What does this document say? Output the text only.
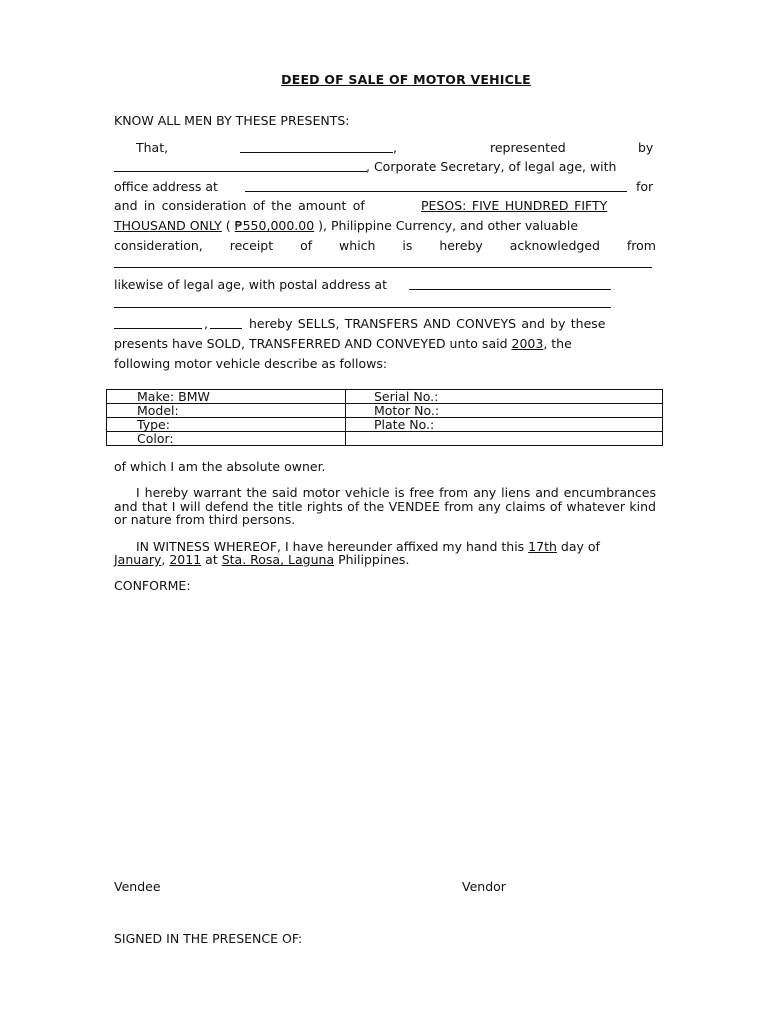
DEED OF SALE OF MOTOR VEHICLE
KNOW ALL MEN BY THESE PRESENTS:
That,	,	represented	by
, Corporate Secretary, of legal age, with
office address at	for
and in consideration of the amount of	PESOS: FIVE HUNDRED FIFTY
THOUSAND ONLY ( ₱550,000.00 ), Philippine Currency, and other valuable
consideration, receipt of which is hereby acknowledged from
likewise of legal age, with postal address at
,	hereby SELLS, TRANSFERS AND CONVEYS and by these
presents have SOLD, TRANSFERRED AND CONVEYED unto said 2003, the
following motor vehicle describe as follows:
Make: BMW	Serial No.:
Model:	Motor No.:
Type:	Plate No.:
Color:	
of which I am the absolute owner.
I hereby warrant the said motor vehicle is free from any liens and encumbrances and that I will defend the title rights of the VENDEE from any claims of whatever kind or nature from third persons.
IN WITNESS WHEREOF, I have hereunder affixed my hand this 17th day of
January, 2011 at Sta. Rosa, Laguna Philippines.
CONFORME:
Vendee	Vendor
SIGNED IN THE PRESENCE OF:
